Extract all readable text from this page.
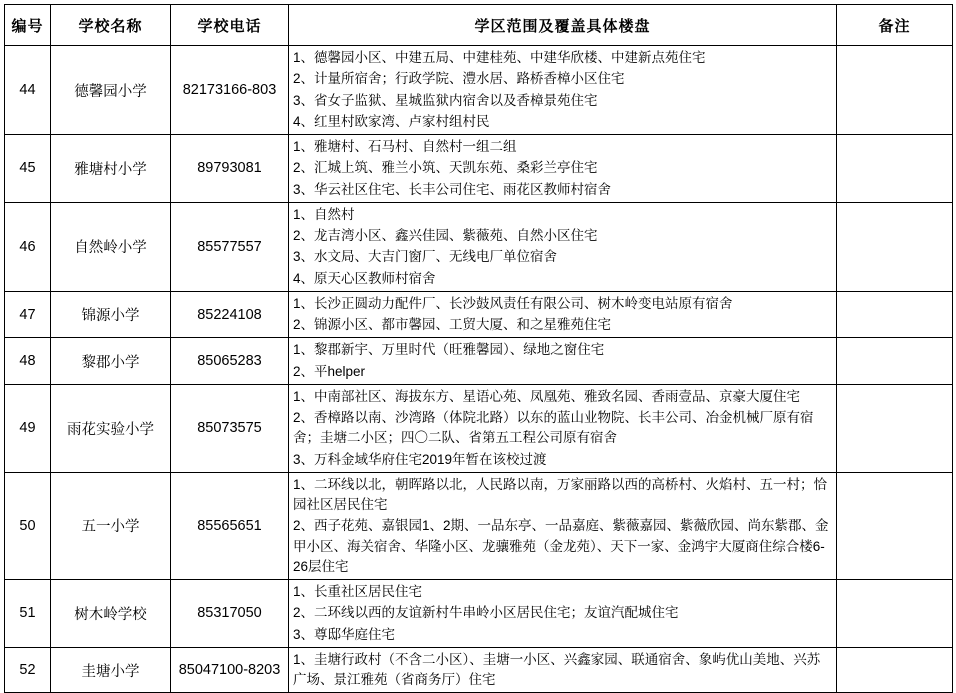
编号	学校名称	学校电话	学区范围及覆盖具体楼盘	备注
44	德馨园小学	82173166-803	1、德馨园小区、中建五局、中建桂苑、中建华欣楼、中建新点苑住宅
2、计量所宿舍；行政学院、澧水居、路桥香樟小区住宅
3、省女子监狱、星城监狱内宿舍以及香樟景苑住宅
4、红里村欧家湾、卢家村组村民	

45	雅塘村小学	89793081	1、雅塘村、石马村、自然村一组二组
2、汇城上筑、雅兰小筑、天凯东苑、桑彩兰亭住宅
3、华云社区住宅、长丰公司住宅、雨花区教师村宿舍	

46	自然岭小学	85577557	1、自然村
2、龙吉湾小区、鑫兴佳园、紫薇苑、自然小区住宅
3、水文局、大吉门窗厂、无线电厂单位宿舍
4、原天心区教师村宿舍	

47	锦源小学	85224108	1、长沙正圆动力配件厂、长沙鼓风责任有限公司、树木岭变电站原有宿舍
2、锦源小区、都市馨园、工贸大厦、和之星雅苑住宅	

48	黎郡小学	85065283	1、黎郡新宇、万里时代（旺雅馨园）、绿地之窗住宅
2、平helper	

49	雨花实验小学	85073575	1、中南部社区、海拔东方、星语心苑、凤凰苑、雅致名园、香雨壹品、京豪大厦住宅
2、香樟路以南、沙湾路（体院北路）以东的蓝山业物院、长丰公司、冶金机械厂原有宿舍；圭塘二小区；四〇二队、省第五工程公司原有宿舍
3、万科金域华府住宅2019年暂在该校过渡	

50	五一小学	85565651	1、二环线以北，朝晖路以北，人民路以南，万家丽路以西的高桥村、火焰村、五一村；恰园社区居民住宅
2、西子花苑、嘉银园1、2期、一品东亭、一品嘉庭、紫薇嘉园、紫薇欣园、尚东紫郡、金甲小区、海关宿舍、华隆小区、龙骧雅苑（金龙苑）、天下一家、金鸿宇大厦商住综合楼6-26层住宅	

51	树木岭学校	85317050	1、长重社区居民住宅
2、二环线以西的友谊新村牛串岭小区居民住宅；友谊汽配城住宅
3、尊邸华庭住宅	

52	圭塘小学	85047100-8203	1、圭塘行政村（不含二小区）、圭塘一小区、兴鑫家园、联通宿舍、象屿优山美地、兴苏广场、景江雅苑（省商务厅）住宅	
